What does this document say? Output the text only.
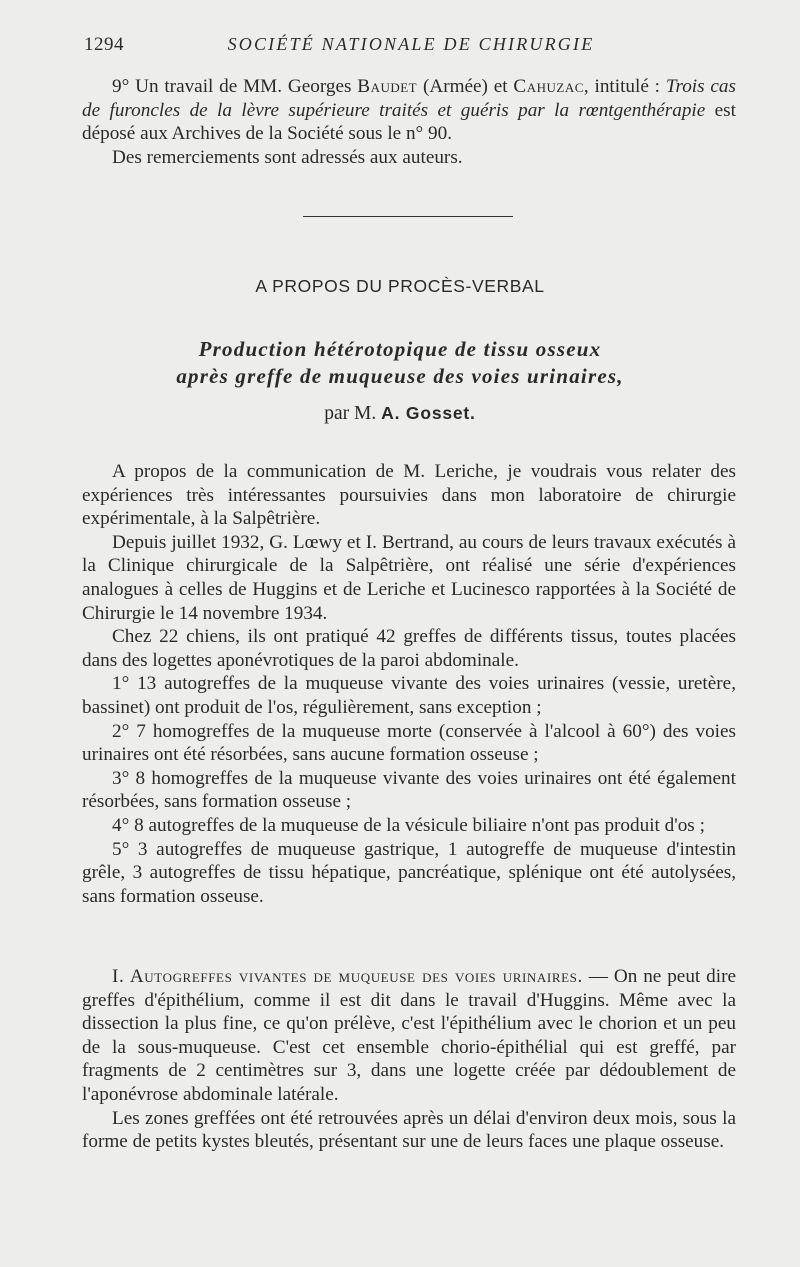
1294	SOCIÉTÉ NATIONALE DE CHIRURGIE

9° Un travail de MM. Georges Baudet (Armée) et Cahuzac, intitulé : Trois cas de furoncles de la lèvre supérieure traités et guéris par la rœntgenthérapie est déposé aux Archives de la Société sous le n° 90.

Des remerciements sont adressés aux auteurs.

A PROPOS DU PROCÈS-VERBAL
Production hétérotopique de tissu osseux
après greffe de muqueuse des voies urinaires,
par M. A. Gosset.

A propos de la communication de M. Leriche, je voudrais vous relater des expériences très intéressantes poursuivies dans mon laboratoire de chirurgie expérimentale, à la Salpêtrière.

Depuis juillet 1932, G. Lœwy et I. Bertrand, au cours de leurs travaux exécutés à la Clinique chirurgicale de la Salpêtrière, ont réalisé une série d'expériences analogues à celles de Huggins et de Leriche et Lucinesco rapportées à la Société de Chirurgie le 14 novembre 1934.

Chez 22 chiens, ils ont pratiqué 42 greffes de différents tissus, toutes placées dans des logettes aponévrotiques de la paroi abdominale.

1° 13 autogreffes de la muqueuse vivante des voies urinaires (vessie, uretère, bassinet) ont produit de l'os, régulièrement, sans exception ;

2° 7 homogreffes de la muqueuse morte (conservée à l'alcool à 60°) des voies urinaires ont été résorbées, sans aucune formation osseuse ;

3° 8 homogreffes de la muqueuse vivante des voies urinaires ont été également résorbées, sans formation osseuse ;

4° 8 autogreffes de la muqueuse de la vésicule biliaire n'ont pas produit d'os ;

5° 3 autogreffes de muqueuse gastrique, 1 autogreffe de muqueuse d'intestin grêle, 3 autogreffes de tissu hépatique, pancréatique, splénique ont été autolysées, sans formation osseuse.

I. Autogreffes vivantes de muqueuse des voies urinaires. — On ne peut dire greffes d'épithélium, comme il est dit dans le travail d'Huggins. Même avec la dissection la plus fine, ce qu'on prélève, c'est l'épithélium avec le chorion et un peu de la sous-muqueuse. C'est cet ensemble chorio-épithélial qui est greffé, par fragments de 2 centimètres sur 3, dans une logette créée par dédoublement de l'aponévrose abdominale latérale.

Les zones greffées ont été retrouvées après un délai d'environ deux mois, sous la forme de petits kystes bleutés, présentant sur une de leurs faces une plaque osseuse.
